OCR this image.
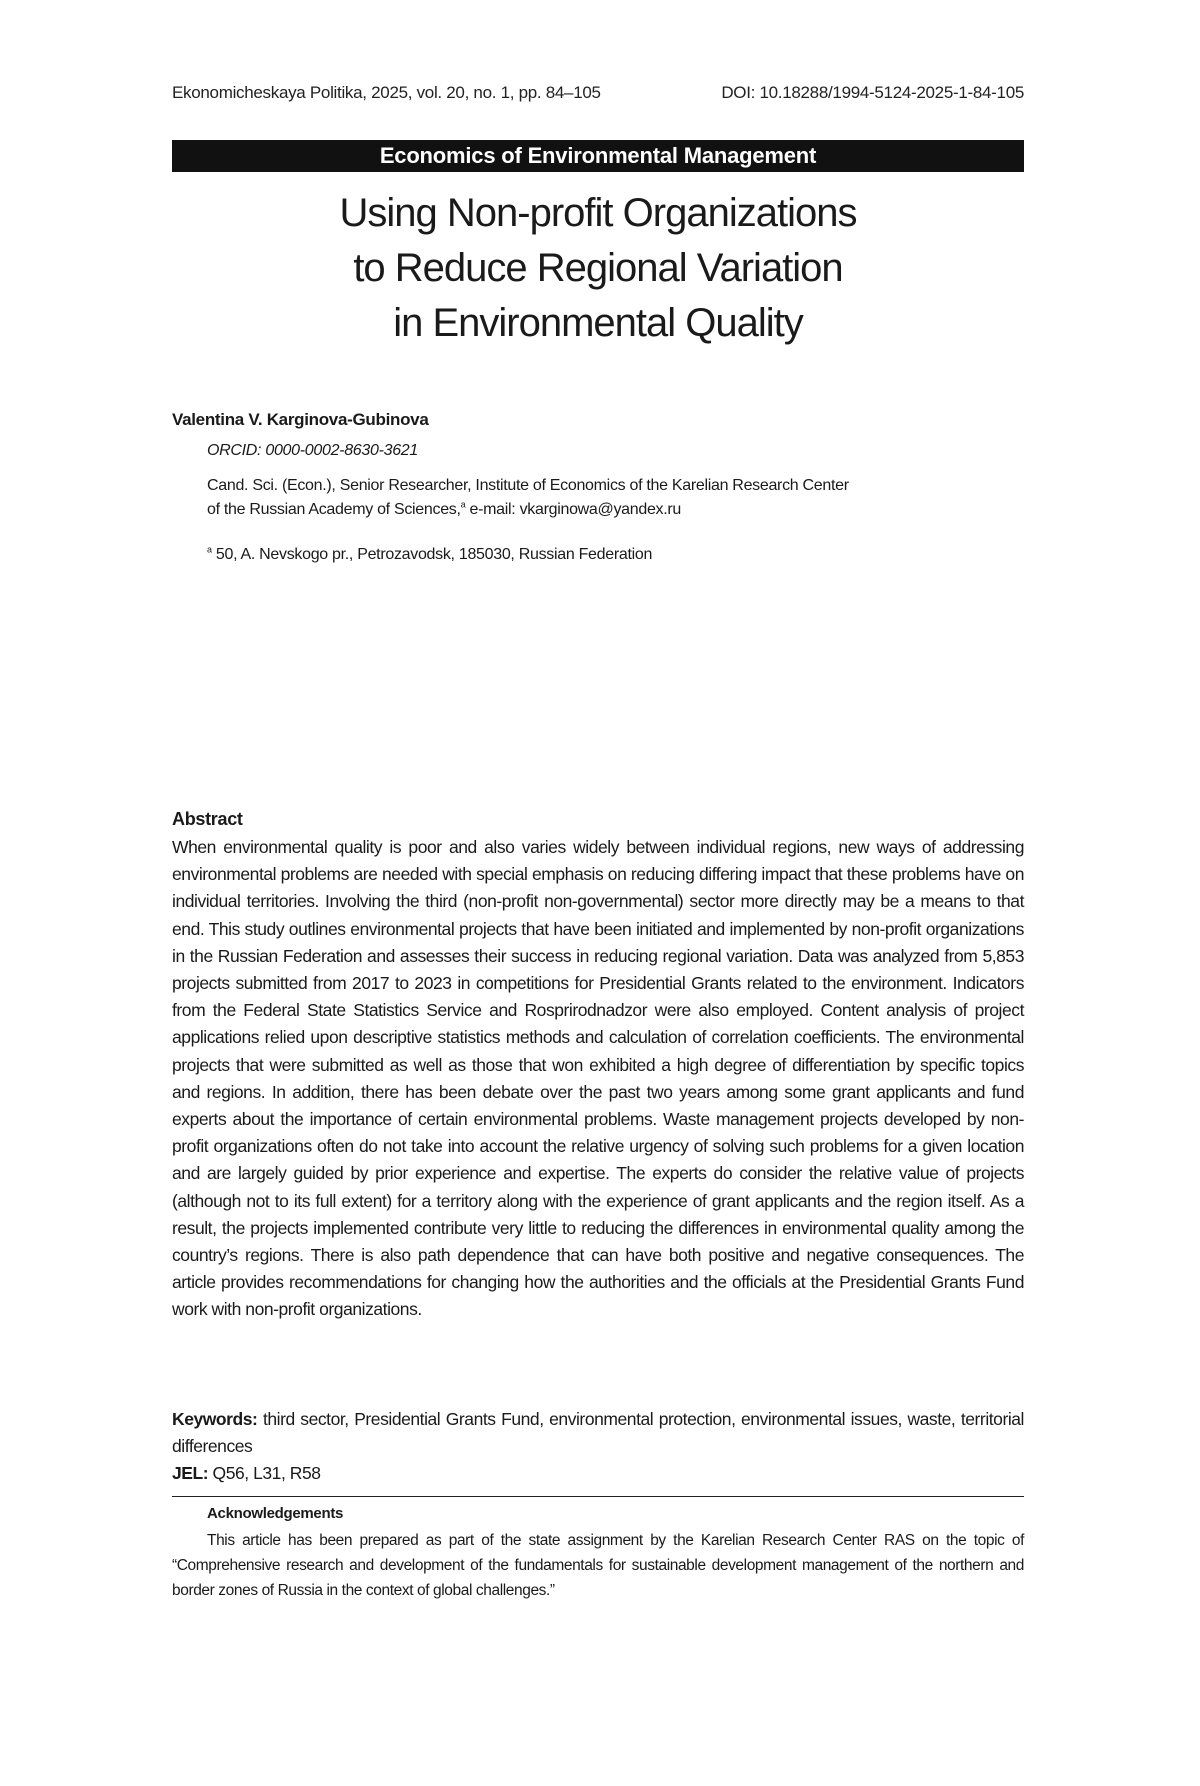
Ekonomicheskaya Politika, 2025, vol. 20, no. 1, pp. 84–105	DOI: 10.18288/1994-5124-2025-1-84-105
Economics of Environmental Management
Using Non-profit Organizations
to Reduce Regional Variation
in Environmental Quality
Valentina V. Karginova-Gubinova
ORCID: 0000-0002-8630-3621
Cand. Sci. (Econ.), Senior Researcher, Institute of Economics of the Karelian Research Center
of the Russian Academy of Sciences,a e-mail: vkarginowa@yandex.ru
a 50, A. Nevskogo pr., Petrozavodsk, 185030, Russian Federation
Abstract

When environmental quality is poor and also varies widely between individual regions, new ways of addressing environmental problems are needed with special emphasis on reducing differing impact that these problems have on individual territories. Involving the third (non-profit non-governmental) sector more directly may be a means to that end. This study outlines environmental projects that have been initiated and implemented by non-profit organizations in the Russian Federation and assesses their success in reducing regional variation. Data was analyzed from 5,853 projects submitted from 2017 to 2023 in competitions for Presidential Grants related to the environment. Indicators from the Federal State Statistics Service and Rosprirodnadzor were also employed. Content analysis of project applications relied upon descriptive statistics methods and calculation of correlation coefficients. The environmental projects that were submitted as well as those that won exhibited a high degree of differentiation by specific topics and regions. In addition, there has been debate over the past two years among some grant applicants and fund experts about the importance of certain environmental problems. Waste management projects developed by non-profit organizations often do not take into account the relative urgency of solving such problems for a given location and are largely guided by prior experience and expertise. The experts do consider the relative value of projects (although not to its full extent) for a territory along with the experience of grant applicants and the region itself. As a result, the projects implemented contribute very little to reducing the differences in environmental quality among the country’s regions. There is also path dependence that can have both positive and negative consequences. The article provides recommendations for changing how the authorities and the officials at the Presidential Grants Fund work with non-profit organizations.

Keywords: third sector, Presidential Grants Fund, environmental protection, environmental issues, waste, territorial differences

JEL: Q56, L31, R58

Acknowledgements

This article has been prepared as part of the state assignment by the Karelian Research Center RAS on the topic of “Comprehensive research and development of the fundamentals for sustainable development management of the northern and border zones of Russia in the context of global challenges.”
